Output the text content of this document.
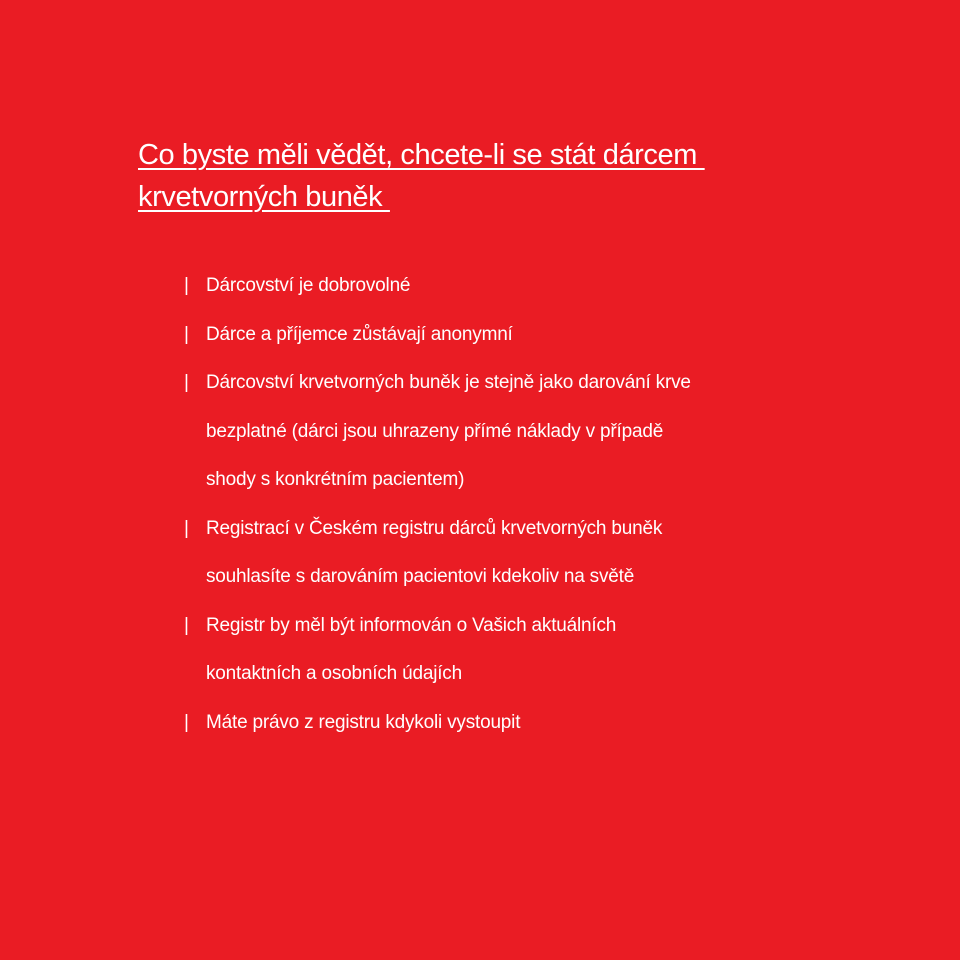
Co byste měli vědět, chcete-li se stát dárcem
krvetvorných buněk
| Dárcovství je dobrovolné
| Dárce a příjemce zůstávají anonymní
| Dárcovství krvetvorných buněk je stejně jako darování krve
bezplatné (dárci jsou uhrazeny přímé náklady v případě
shody s konkrétním pacientem)
| Registrací v Českém registru dárců krvetvorných buněk
souhlasíte s darováním pacientovi kdekoliv na světě
| Registr by měl být informován o Vašich aktuálních
kontaktních a osobních údajích
| Máte právo z registru kdykoli vystoupit
